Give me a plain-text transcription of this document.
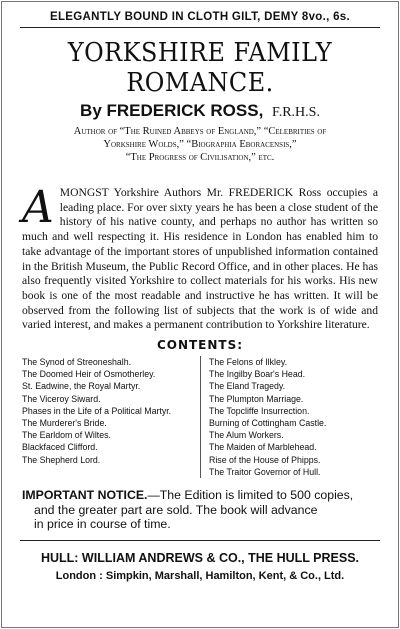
ELEGANTLY BOUND IN CLOTH GILT, DEMY 8vo., 6s.
YORKSHIRE FAMILY ROMANCE.
By FREDERICK ROSS, F.R.H.S.
Author of “The Ruined Abbeys of England,” “Celebrities of
Yorkshire Wolds,” “Biographia Eboracensis,”
“The Progress of Civilisation,” etc.
A MONGST Yorkshire Authors Mr. FREDERICK Ross occupies a leading place. For over sixty years he has been a close student of the history of his native county, and perhaps no author has written so much and well respecting it. His residence in London has enabled him to take advantage of the important stores of unpublished information contained in the British Museum, the Public Record Office, and in other places. He has also frequently visited Yorkshire to collect materials for his works. His new book is one of the most readable and instructive he has written. It will be observed from the following list of subjects that the work is of wide and varied interest, and makes a permanent contribution to Yorkshire literature.
CONTENTS:
The Synod of Streoneshalh.
The Doomed Heir of Osmotherley.
St. Eadwine, the Royal Martyr.
The Viceroy Siward.
Phases in the Life of a Political Martyr.
The Murderer's Bride.
The Earldom of Wiltes.
Blackfaced Clifford.
The Shepherd Lord.
The Felons of Ilkley.
The Ingilby Boar's Head.
The Eland Tragedy.
The Plumpton Marriage.
The Topcliffe Insurrection.
Burning of Cottingham Castle.
The Alum Workers.
The Maiden of Marblehead.
Rise of the House of Phipps.
The Traitor Governor of Hull.
IMPORTANT NOTICE.—The Edition is limited to 500 copies,
and the greater part are sold. The book will advance
in price in course of time.
HULL: WILLIAM ANDREWS & CO., THE HULL PRESS.
London : Simpkin, Marshall, Hamilton, Kent, & Co., Ltd.
